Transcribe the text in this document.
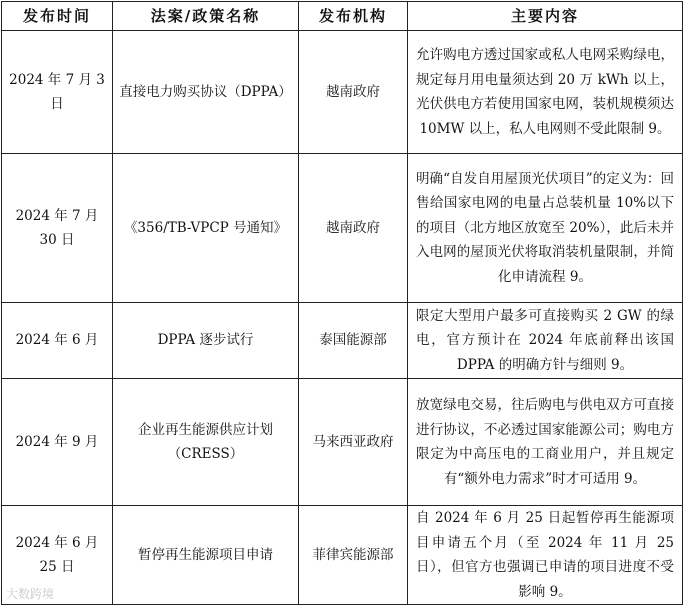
发布时间	法案/政策名称	发布机构	主要内容
2024 年 7 月 3 日	直接电力购买协议（DPPA）	越南政府	允许购电方透过国家或私人电网采购绿电，规定每月用电量须达到 20 万 kWh 以上，光伏供电方若使用国家电网，装机规模须达 10MW 以上，私人电网则不受此限制 9。
2024 年 7 月 30 日	《356/TB-VPCP 号通知》	越南政府	明确“自发自用屋顶光伏项目”的定义为：回售给国家电网的电量占总装机量 10%以下的项目（北方地区放宽至 20%），此后未并入电网的屋顶光伏将取消装机量限制，并简化申请流程 9。
2024 年 6 月	DPPA 逐步试行	泰国能源部	限定大型用户最多可直接购买 2 GW 的绿电，官方预计在 2024 年底前释出该国 DPPA 的明确方针与细则 9。
2024 年 9 月	企业再生能源供应计划（CRESS）	马来西亚政府	放宽绿电交易，往后购电与供电双方可直接进行协议，不必透过国家能源公司；购电方限定为中高压电的工商业用户，并且规定有“额外电力需求”时才可适用 9。
2024 年 6 月 25 日	暂停再生能源项目申请	菲律宾能源部	自 2024 年 6 月 25 日起暂停再生能源项目申请五个月（至 2024 年 11 月 25 日），但官方也强调已申请的项目进度不受影响 9。
大数跨境
